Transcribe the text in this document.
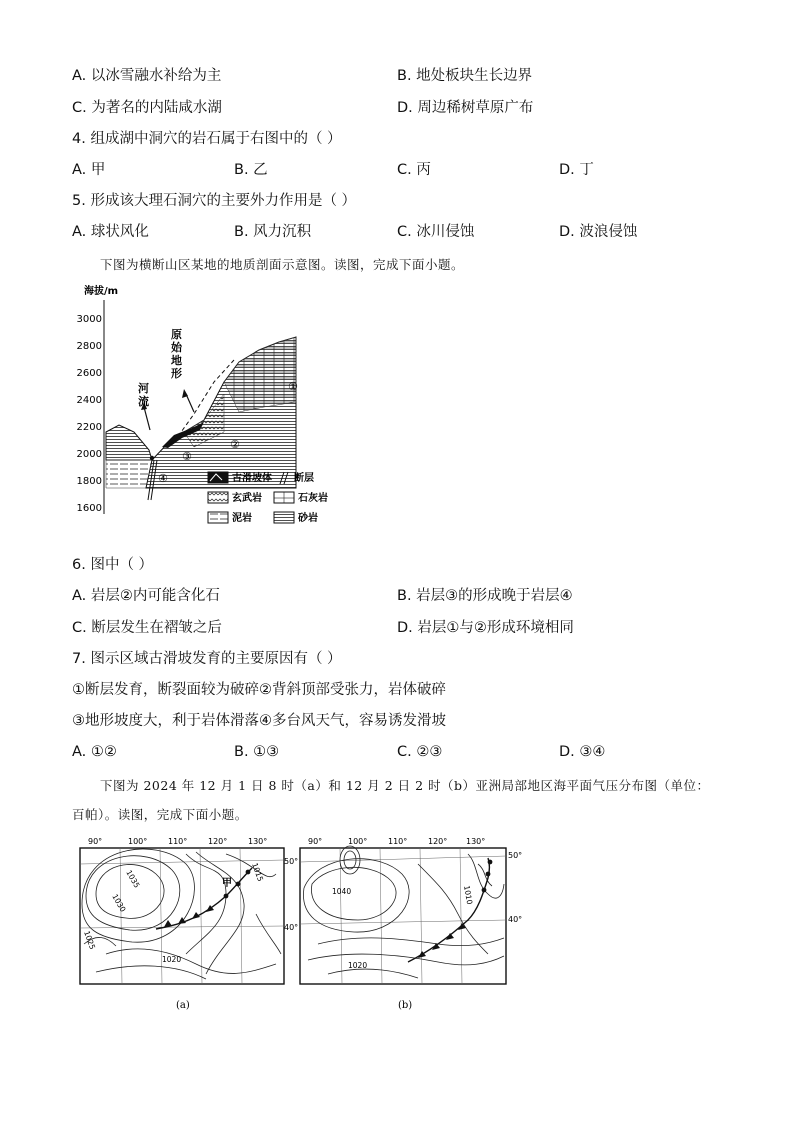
A. 以冰雪融水补给为主	B. 地处板块生长边界
C. 为著名的内陆咸水湖	D. 周边稀树草原广布
4. 组成湖中洞穴的岩石属于右图中的（ ）
A. 甲	B. 乙	C. 丙	D. 丁
5. 形成该大理石洞穴的主要外力作用是（ ）
A. 球状风化	B. 风力沉积	C. 冰川侵蚀	D. 波浪侵蚀
下图为横断山区某地的地质剖面示意图。读图，完成下面小题。
海拔/m
3000
2800
2600
2400
2200
2000
1800
1600
河流
原始地形
①
②
③
④	古滑坡体 断层
玄武岩	石灰岩
泥岩	砂岩
6. 图中（ ）
A. 岩层②内可能含化石	B. 岩层③的形成晚于岩层④
C. 断层发生在褶皱之后	D. 岩层①与②形成环境相同
7. 图示区域古滑坡发育的主要原因有（ ）
①断层发育，断裂面较为破碎②背斜顶部受张力，岩体破碎
③地形坡度大，利于岩体滑落④多台风天气，容易诱发滑坡
A. ①②	B. ①③	C. ②③	D. ③④
下图为 2024 年 12 月 1 日 8 时（a）和 12 月 2 日 2 时（b）亚洲局部地区海平面气压分布图（单位：
百帕）。读图，完成下面小题。
90°	100°	110°	120°	130°
50°
40°
甲
1035
1030
1025
1020
1015
(a)
90°	100°	110°	120° 130°
50°
40°
1040
1020
1010
(b)
